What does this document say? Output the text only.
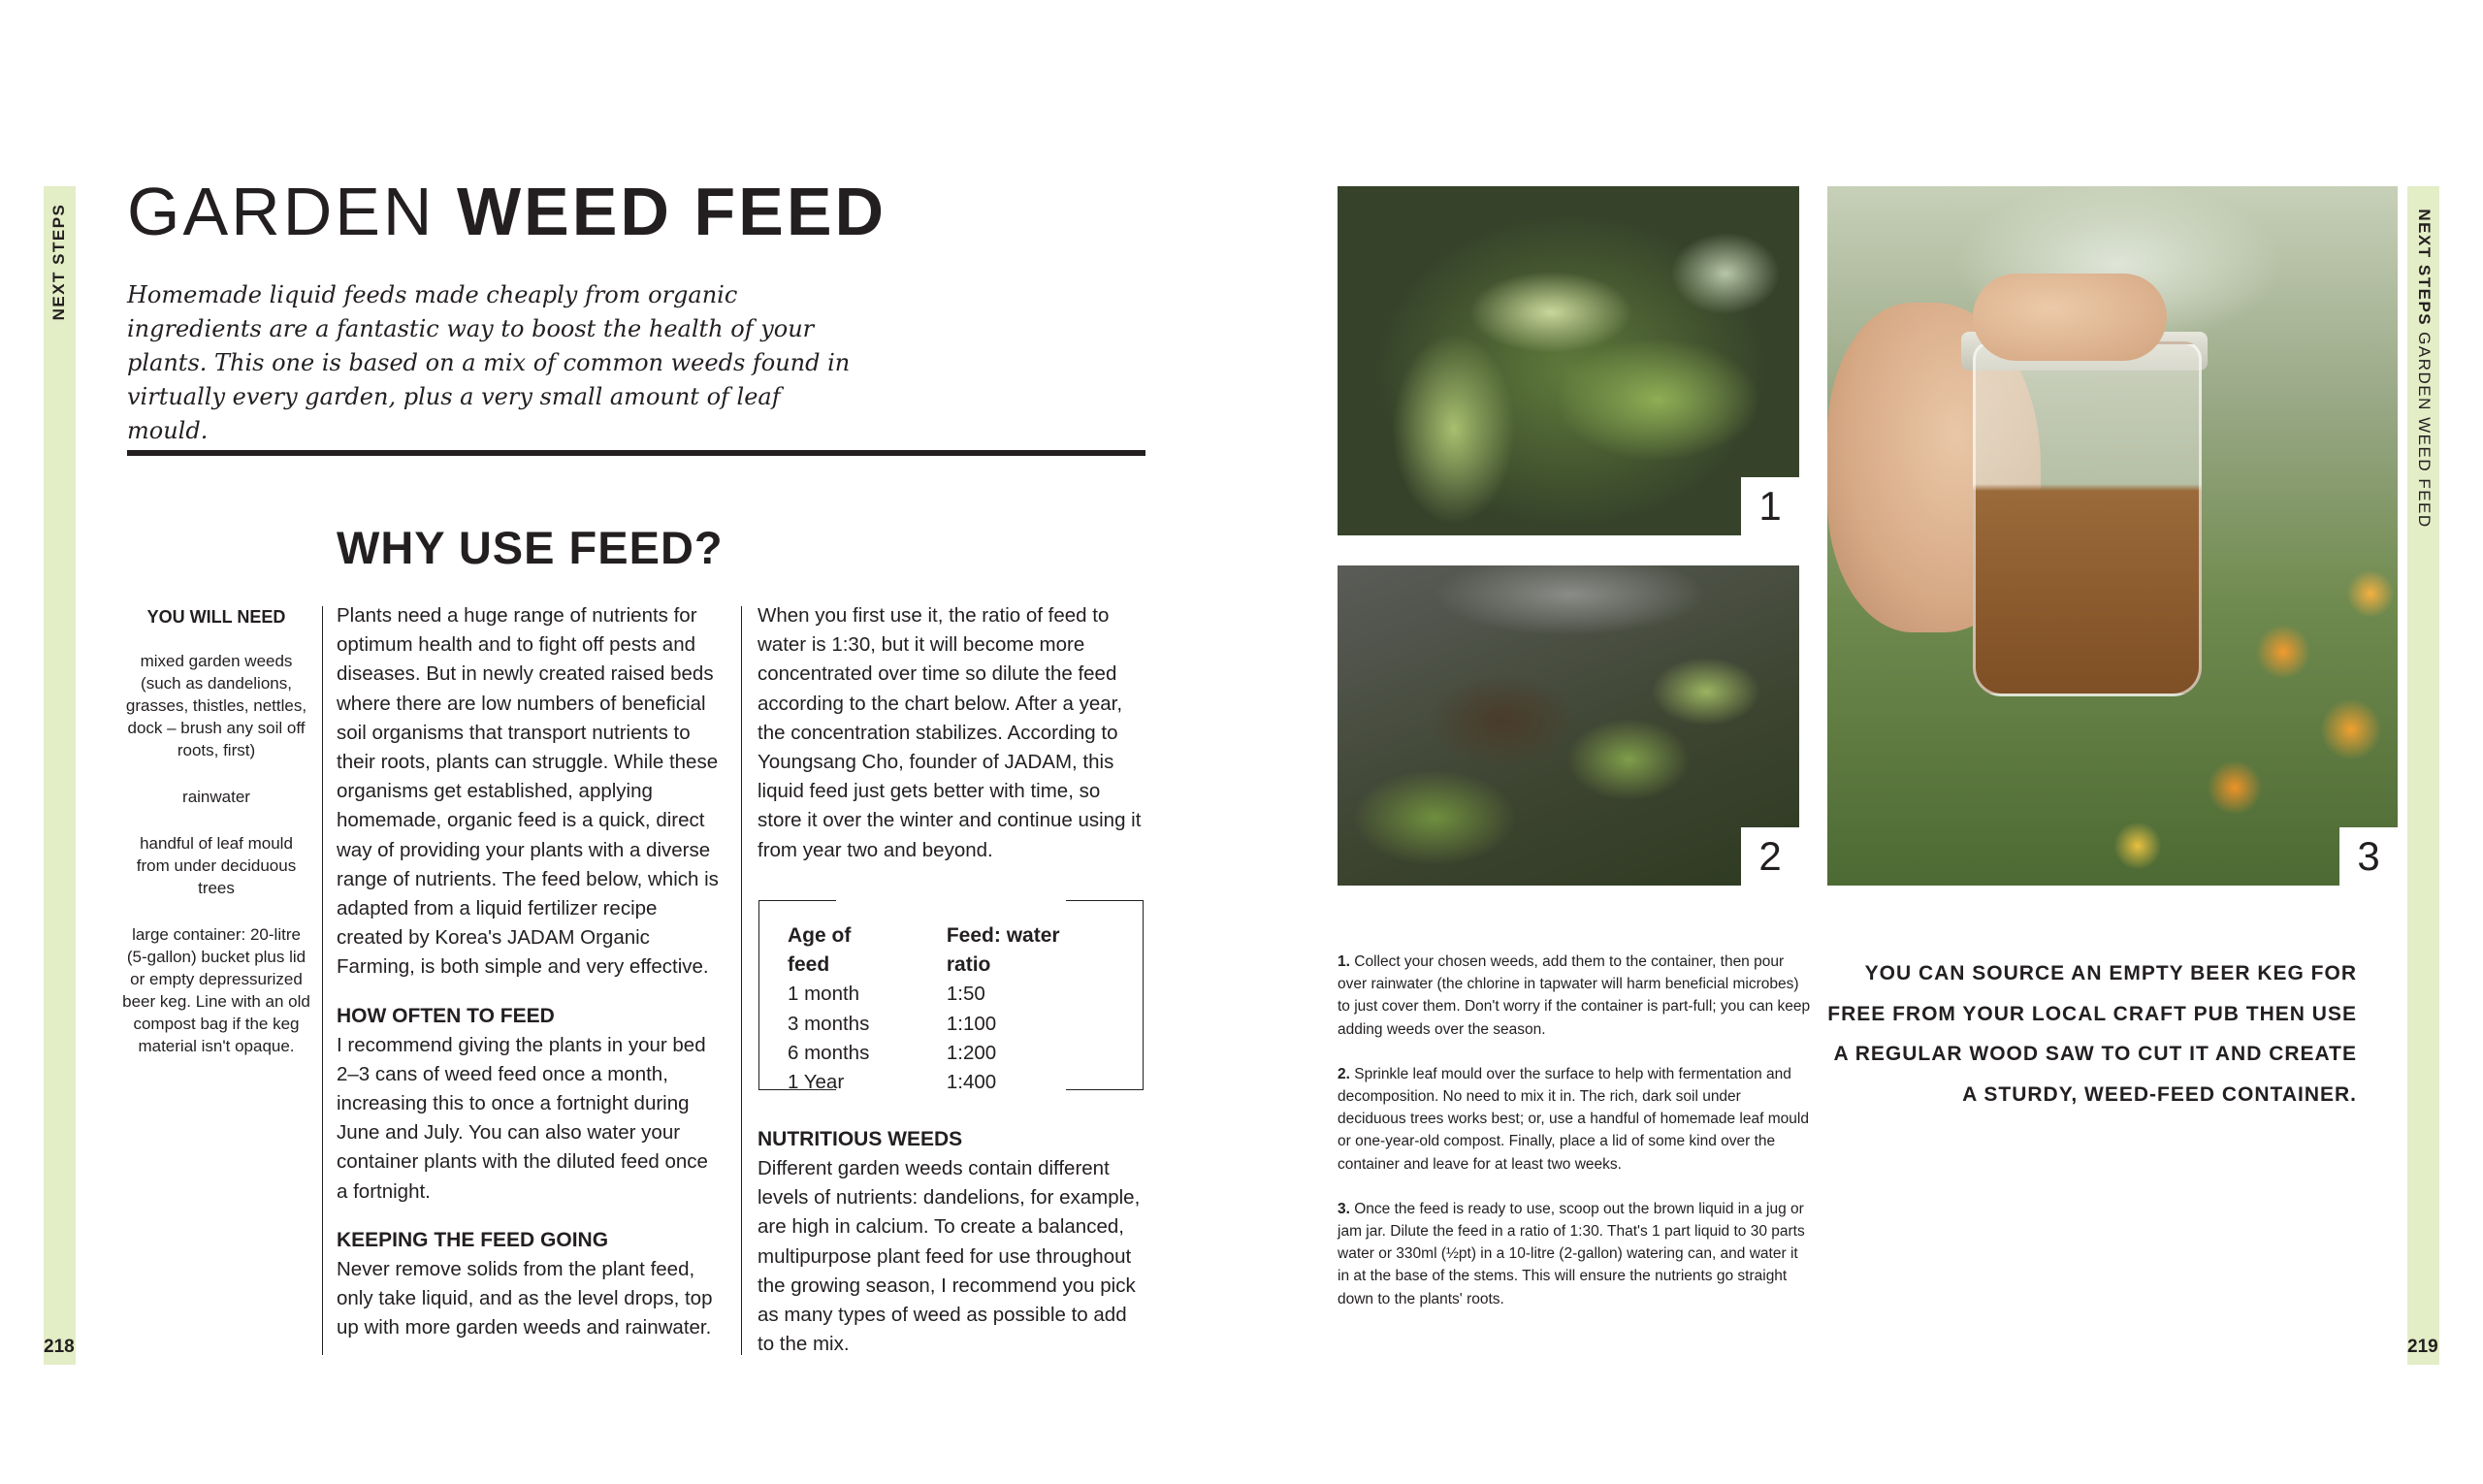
NEXT STEPS
218
GARDEN WEED FEED
Homemade liquid feeds made cheaply from organic ingredients are a fantastic way to boost the health of your plants. This one is based on a mix of common weeds found in virtually every garden, plus a very small amount of leaf mould.
WHY USE FEED?
YOU WILL NEED
mixed garden weeds (such as dandelions, grasses, thistles, nettles, dock – brush any soil off roots, first)
rainwater
handful of leaf mould from under deciduous trees
large container: 20-litre (5-gallon) bucket plus lid or empty depressurized beer keg. Line with an old compost bag if the keg material isn't opaque.

Plants need a huge range of nutrients for optimum health and to fight off pests and diseases. But in newly created raised beds where there are low numbers of beneficial soil organisms that transport nutrients to their roots, plants can struggle. While these organisms get established, applying homemade, organic feed is a quick, direct way of providing your plants with a diverse range of nutrients. The feed below, which is adapted from a liquid fertilizer recipe created by Korea's JADAM Organic Farming, is both simple and very effective.

HOW OFTEN TO FEED

I recommend giving the plants in your bed 2–3 cans of weed feed once a month, increasing this to once a fortnight during June and July. You can also water your container plants with the diluted feed once a fortnight.

KEEPING THE FEED GOING

Never remove solids from the plant feed, only take liquid, and as the level drops, top up with more garden weeds and rainwater.

When you first use it, the ratio of feed to water is 1:30, but it will become more concentrated over time so dilute the feed according to the chart below. After a year, the concentration stabilizes. According to Youngsang Cho, founder of JADAM, this liquid feed just gets better with time, so store it over the winter and continue using it from year two and beyond.

Age of feed	Feed: water ratio
1 month	1:50
3 months	1:100
6 months	1:200
1 Year	1:400
NUTRITIOUS WEEDS

Different garden weeds contain different levels of nutrients: dandelions, for example, are high in calcium. To create a balanced, multipurpose plant feed for use throughout the growing season, I recommend you pick as many types of weed as possible to add to the mix.

1
2	3

1. Collect your chosen weeds, add them to the container, then pour over rainwater (the chlorine in tapwater will harm beneficial microbes) to just cover them. Don't worry if the container is part-full; you can keep adding weeds over the season.

2. Sprinkle leaf mould over the surface to help with fermentation and decomposition. No need to mix it in. The rich, dark soil under deciduous trees works best; or, use a handful of homemade leaf mould or one-year-old compost. Finally, place a lid of some kind over the container and leave for at least two weeks.

3. Once the feed is ready to use, scoop out the brown liquid in a jug or jam jar. Dilute the feed in a ratio of 1:30. That's 1 part liquid to 30 parts water or 330ml (½pt) in a 10-litre (2-gallon) watering can, and water it in at the base of the stems. This will ensure the nutrients go straight down to the plants' roots.

YOU CAN SOURCE AN EMPTY BEER KEG FOR FREE FROM YOUR LOCAL CRAFT PUB THEN USE A REGULAR WOOD SAW TO CUT IT AND CREATE A STURDY, WEED-FEED CONTAINER.
NEXT STEPSGARDEN WEED FEED
219
